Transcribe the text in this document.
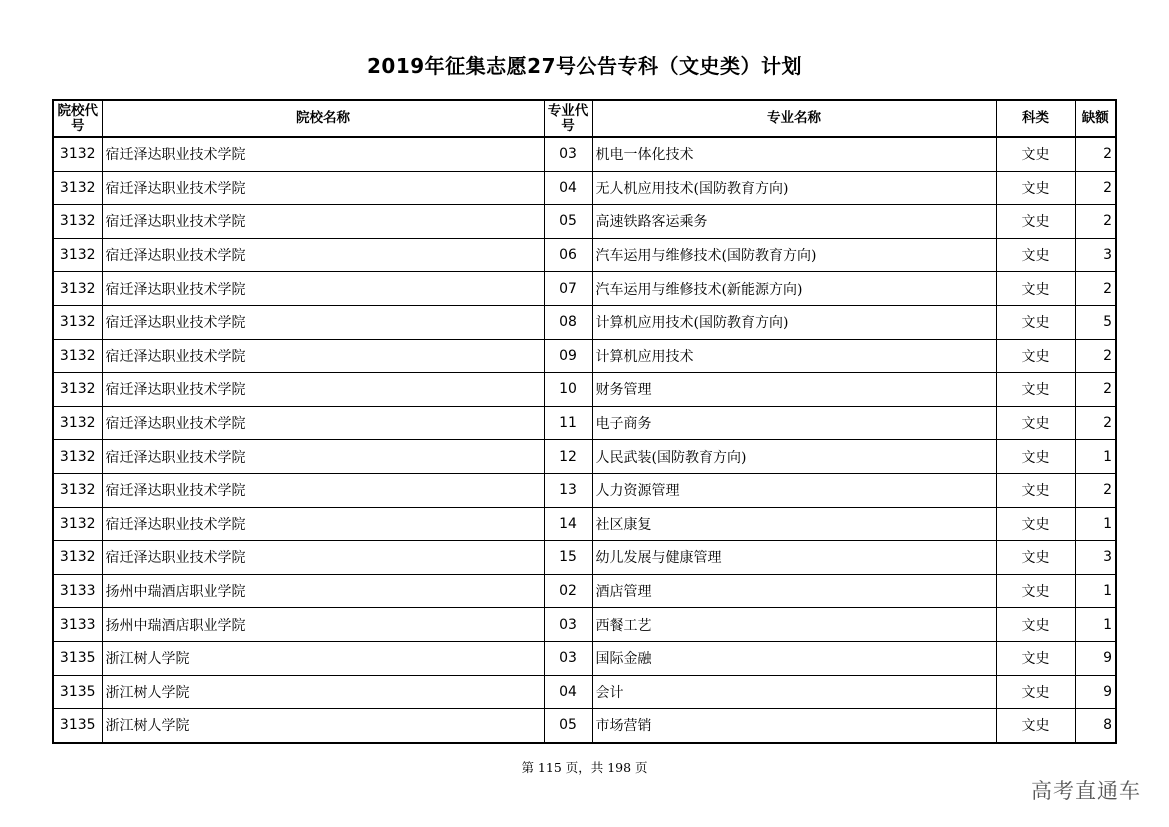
2019年征集志愿27号公告专科（文史类）计划
院校代号	院校名称	专业代号	专业名称	科类	缺额
3132	宿迁泽达职业技术学院	03	机电一体化技术	文史	2
3132	宿迁泽达职业技术学院	04	无人机应用技术(国防教育方向)	文史	2
3132	宿迁泽达职业技术学院	05	高速铁路客运乘务	文史	2
3132	宿迁泽达职业技术学院	06	汽车运用与维修技术(国防教育方向)	文史	3
3132	宿迁泽达职业技术学院	07	汽车运用与维修技术(新能源方向)	文史	2
3132	宿迁泽达职业技术学院	08	计算机应用技术(国防教育方向)	文史	5
3132	宿迁泽达职业技术学院	09	计算机应用技术	文史	2
3132	宿迁泽达职业技术学院	10	财务管理	文史	2
3132	宿迁泽达职业技术学院	11	电子商务	文史	2
3132	宿迁泽达职业技术学院	12	人民武装(国防教育方向)	文史	1
3132	宿迁泽达职业技术学院	13	人力资源管理	文史	2
3132	宿迁泽达职业技术学院	14	社区康复	文史	1
3132	宿迁泽达职业技术学院	15	幼儿发展与健康管理	文史	3
3133	扬州中瑞酒店职业学院	02	酒店管理	文史	1
3133	扬州中瑞酒店职业学院	03	西餐工艺	文史	1
3135	浙江树人学院	03	国际金融	文史	9
3135	浙江树人学院	04	会计	文史	9
3135	浙江树人学院	05	市场营销	文史	8
第 115 页，共 198 页
高考直通车
